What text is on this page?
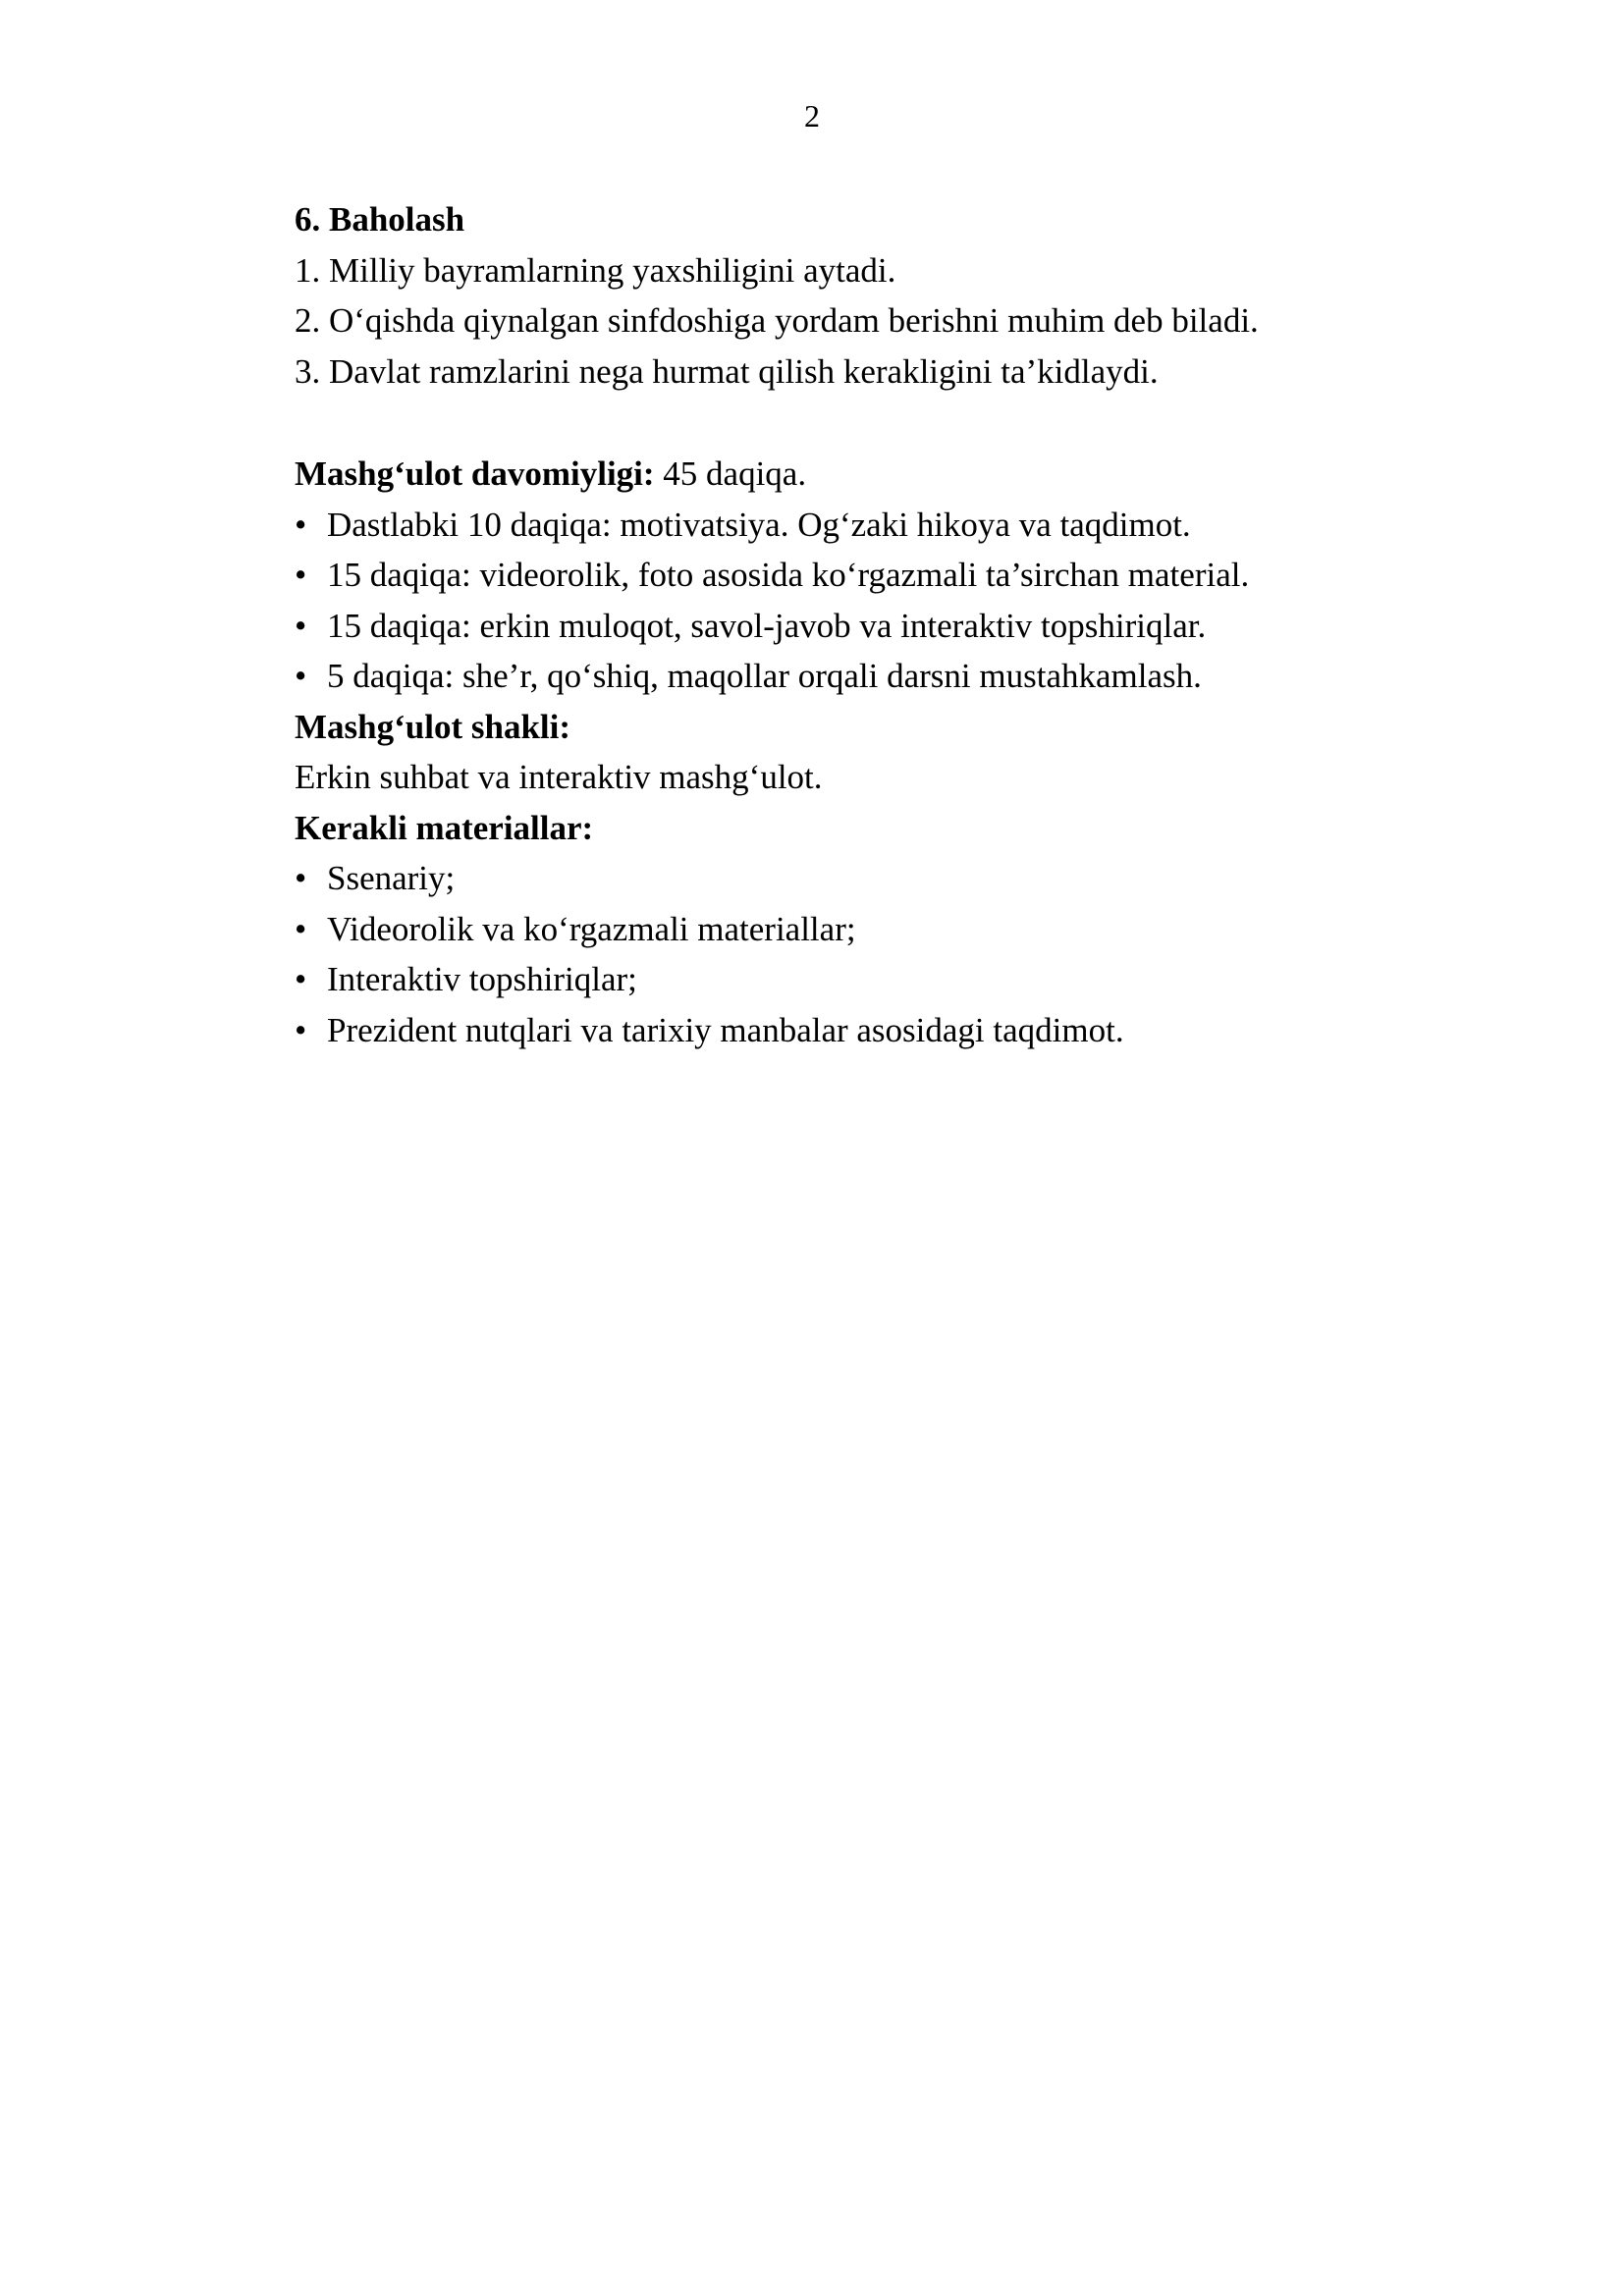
2

6. Baholash

1. Milliy bayramlarning yaxshiligini aytadi.

2. O‘qishda qiynalgan sinfdoshiga yordam berishni muhim deb biladi.

3. Davlat ramzlarini nega hurmat qilish kerakligini ta’kidlaydi.

Mashg‘ulot davomiyligi: 45 daqiqa.

• Dastlabki 10 daqiqa: motivatsiya. Og‘zaki hikoya va taqdimot.
• 15 daqiqa: videorolik, foto asosida ko‘rgazmali ta’sirchan material.
• 15 daqiqa: erkin muloqot, savol-javob va interaktiv topshiriqlar.
• 5 daqiqa: she’r, qo‘shiq, maqollar orqali darsni mustahkamlash.

Mashg‘ulot shakli:

Erkin suhbat va interaktiv mashg‘ulot.

Kerakli materiallar:

• Ssenariy;
• Videorolik va ko‘rgazmali materiallar;
• Interaktiv topshiriqlar;
• Prezident nutqlari va tarixiy manbalar asosidagi taqdimot.
